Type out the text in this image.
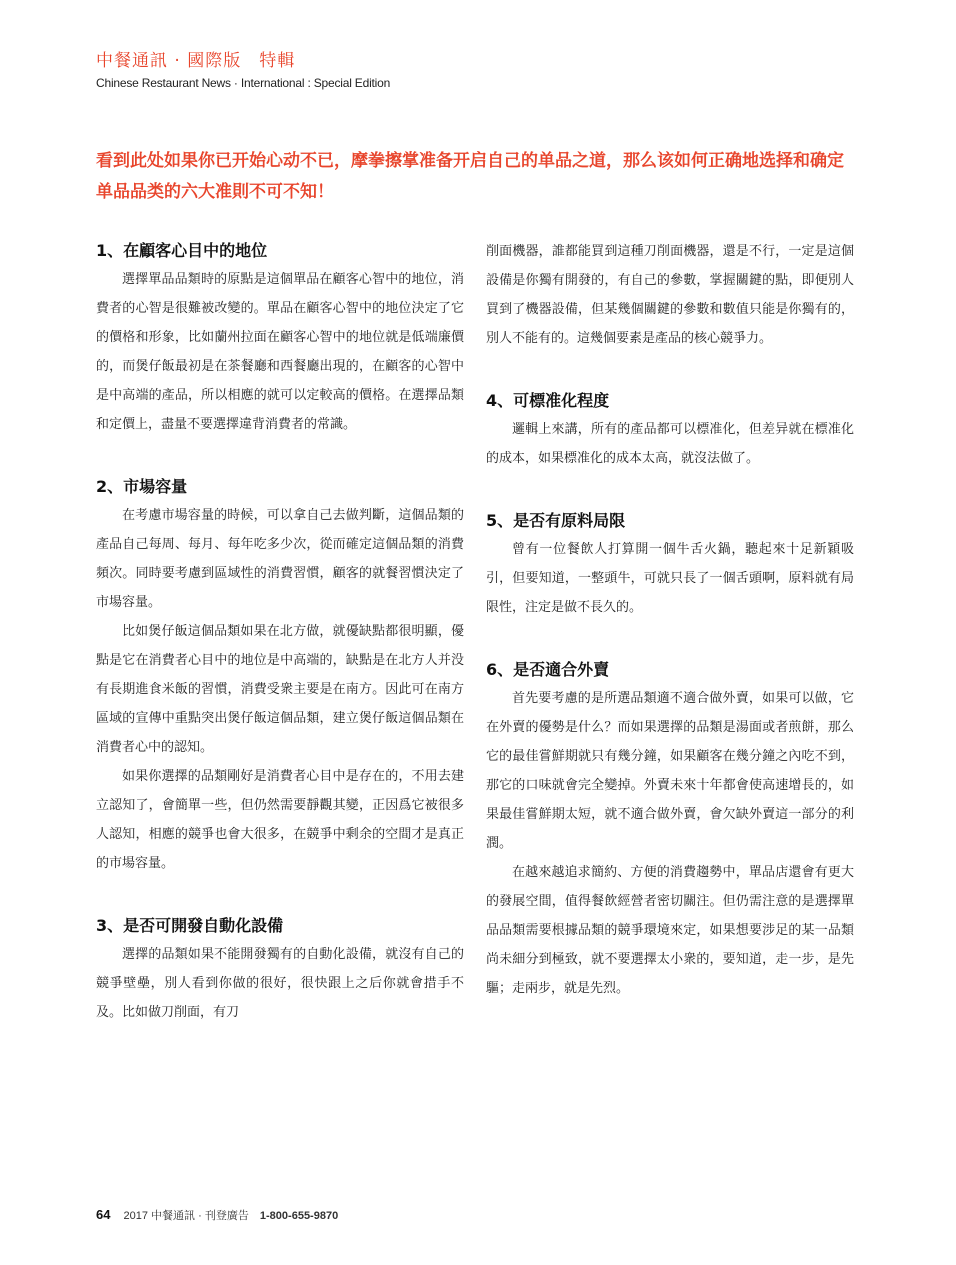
中餐通訊 · 國際版　特輯
Chinese Restaurant News · International : Special Edition
看到此处如果你已开始心动不已，摩拳擦掌准备开启自己的单品之道，那么该如何正确地选择和确定单品品类的六大准則不可不知！
1、在顧客心目中的地位

選擇單品品類時的原點是這個單品在顧客心智中的地位，消費者的心智是很難被改變的。單品在顧客心智中的地位決定了它的價格和形象，比如蘭州拉面在顧客心智中的地位就是低端廉價的，而煲仔飯最初是在茶餐廳和西餐廳出現的，在顧客的心智中是中高端的產品，所以相應的就可以定較高的價格。在選擇品類和定價上，盡量不要選擇違背消費者的常識。

2、市場容量

在考慮市場容量的時候，可以拿自己去做判斷，這個品類的產品自己每周、每月、每年吃多少次，從而確定這個品類的消費頻次。同時要考慮到區域性的消費習慣，顧客的就餐習慣決定了市場容量。

比如煲仔飯這個品類如果在北方做，就優缺點都很明顯，優點是它在消費者心目中的地位是中高端的，缺點是在北方人并没有長期進食米飯的習慣，消費受衆主要是在南方。因此可在南方區域的宣傳中重點突出煲仔飯這個品類，建立煲仔飯這個品類在消費者心中的認知。

如果你選擇的品類剛好是消費者心目中是存在的，不用去建立認知了，會簡單一些，但仍然需要靜觀其變，正因爲它被很多人認知，相應的競爭也會大很多，在競爭中剩余的空間才是真正的市場容量。

3、是否可開發自動化設備

選擇的品類如果不能開發獨有的自動化設備，就沒有自己的競爭壁壘，別人看到你做的很好，很快跟上之后你就會措手不及。比如做刀削面，有刀

削面機器，誰都能買到這種刀削面機器，還是不行，一定是這個設備是你獨有開發的，有自己的參數，掌握關鍵的點，即便別人買到了機器設備，但某幾個關鍵的參數和數值只能是你獨有的，別人不能有的。這幾個要素是產品的核心競爭力。

4、可標准化程度

邏輯上來講，所有的產品都可以標准化，但差异就在標准化的成本，如果標准化的成本太高，就沒法做了。

5、是否有原料局限

曾有一位餐飲人打算開一個牛舌火鍋，聽起來十足新穎吸引，但要知道，一整頭牛，可就只長了一個舌頭啊，原料就有局限性，注定是做不長久的。

6、是否適合外賣

首先要考慮的是所選品類適不適合做外賣，如果可以做，它在外賣的優勢是什么？而如果選擇的品類是湯面或者煎餅，那么它的最佳嘗鮮期就只有幾分鐘，如果顧客在幾分鐘之內吃不到，那它的口味就會完全變掉。外賣未來十年都會使高速增長的，如果最佳嘗鮮期太短，就不適合做外賣，會欠缺外賣這一部分的利潤。

在越來越追求簡約、方便的消費趨勢中，單品店還會有更大的發展空間，值得餐飲經營者密切關注。但仍需注意的是選擇單品品類需要根據品類的競爭環境來定，如果想要涉足的某一品類尚未細分到極致，就不要選擇太小衆的，要知道，走一步，是先驅；走兩步，就是先烈。

64 2017 中餐通訊 · 刊登廣告 1-800-655-9870
